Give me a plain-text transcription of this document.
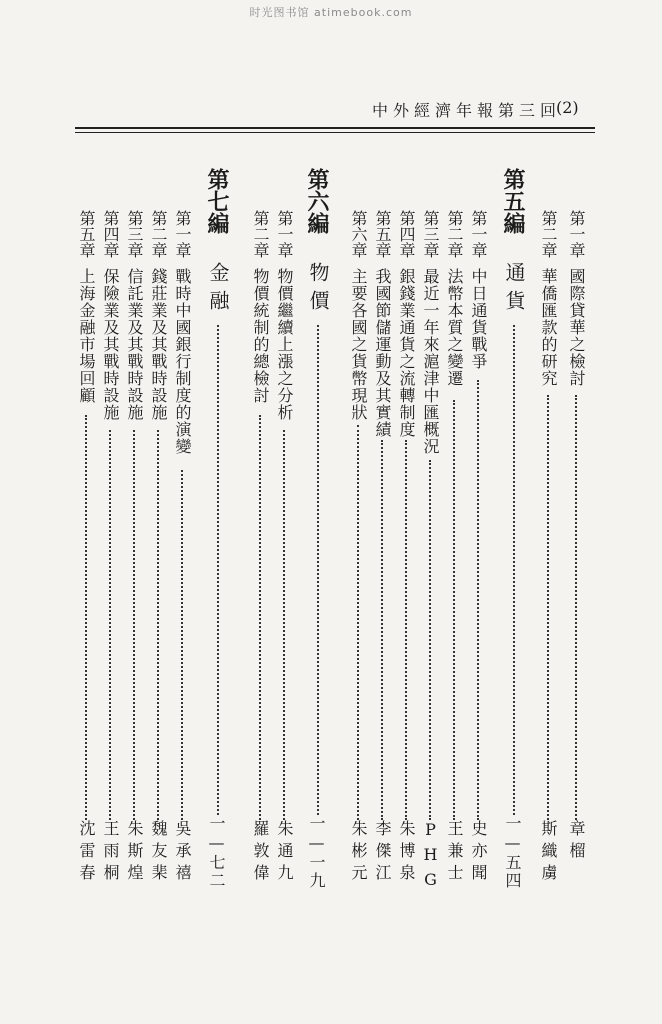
时光图书馆 atimebook.com
(2)
中外經濟年報第三回
第一章
國際貸華之檢討
章榴
第二章
華僑匯款的研究
斯織虜
第五編
通貨
一—五四
第一章
中日通貨戰爭
史亦聞
第二章
法幣本質之變遷
王兼士
第三章
最近一年來滬津中匯概況
PHG
第四章
銀錢業通貨之流轉制度
朱博泉
第五章
我國節儲運動及其實績
李傑江
第六章
主要各國之貨幣現狀
朱彬元
第六編
物價
一—一九
第一章
物價繼續上漲之分析
朱通九
第二章
物價統制的總檢討
羅敦偉
第七編
金融
一—七二
第一章
戰時中國銀行制度的演變
吳承禧
第二章
錢莊業及其戰時設施
魏友棐
第三章
信託業及其戰時設施
朱斯煌
第四章
保險業及其戰時設施
王雨桐
第五章
上海金融市場回顧
沈雷春
